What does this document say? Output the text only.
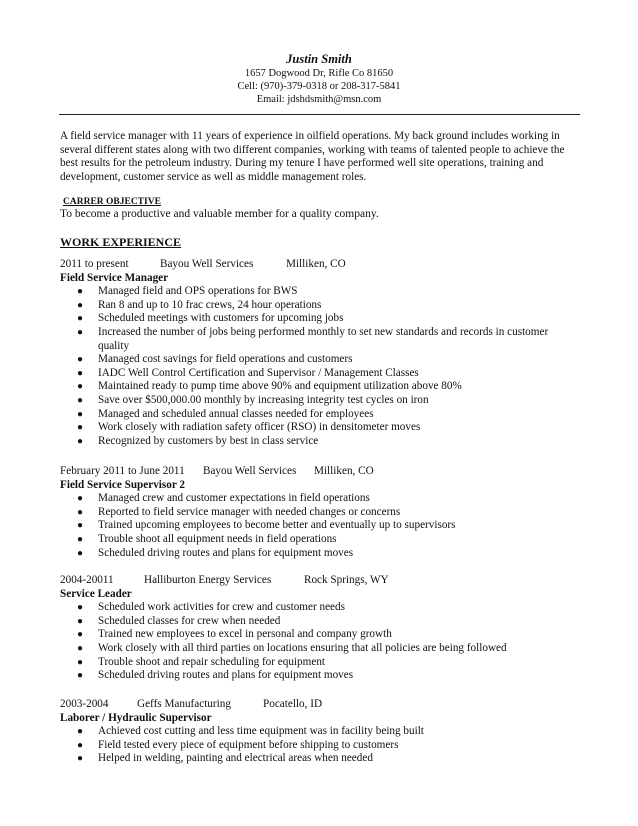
Justin Smith
1657 Dogwood Dr, Rifle Co 81650
Cell: (970)-379-0318 or 208-317-5841
Email: jdshdsmith@msn.com
A field service manager with 11 years of experience in oilfield operations. My back ground includes working in several different states along with two different companies, working with teams of talented people to achieve the best results for the petroleum industry. During my tenure I have performed well site operations, training and development, customer service as well as middle management roles.
CARRER OBJECTIVE
To become a productive and valuable member for a quality company.
WORK EXPERIENCE
2011 to present	Bayou Well Services	Milliken, CO
Field Service Manager
● Managed field and OPS operations for BWS
● Ran 8 and up to 10 frac crews, 24 hour operations
● Scheduled meetings with customers for upcoming jobs
● Increased the number of jobs being performed monthly to set new standards and records in customer quality
● Managed cost savings for field operations and customers
● IADC Well Control Certification and Supervisor / Management Classes
● Maintained ready to pump time above 90% and equipment utilization above 80%
● Save over $500,000.00 monthly by increasing integrity test cycles on iron
● Managed and scheduled annual classes needed for employees
● Work closely with radiation safety officer (RSO) in densitometer moves
● Recognized by customers by best in class service
February 2011 to June 2011 Bayou Well Services Milliken, CO
Field Service Supervisor 2
● Managed crew and customer expectations in field operations
● Reported to field service manager with needed changes or concerns
● Trained upcoming employees to become better and eventually up to supervisors
● Trouble shoot all equipment needs in field operations
● Scheduled driving routes and plans for equipment moves
2004-20011	Halliburton Energy Services	Rock Springs, WY
Service Leader
● Scheduled work activities for crew and customer needs
● Scheduled classes for crew when needed
● Trained new employees to excel in personal and company growth
● Work closely with all third parties on locations ensuring that all policies are being followed
● Trouble shoot and repair scheduling for equipment
● Scheduled driving routes and plans for equipment moves
2003-2004	Geffs Manufacturing	Pocatello, ID
Laborer / Hydraulic Supervisor
● Achieved cost cutting and less time equipment was in facility being built
● Field tested every piece of equipment before shipping to customers
● Helped in welding, painting and electrical areas when needed
